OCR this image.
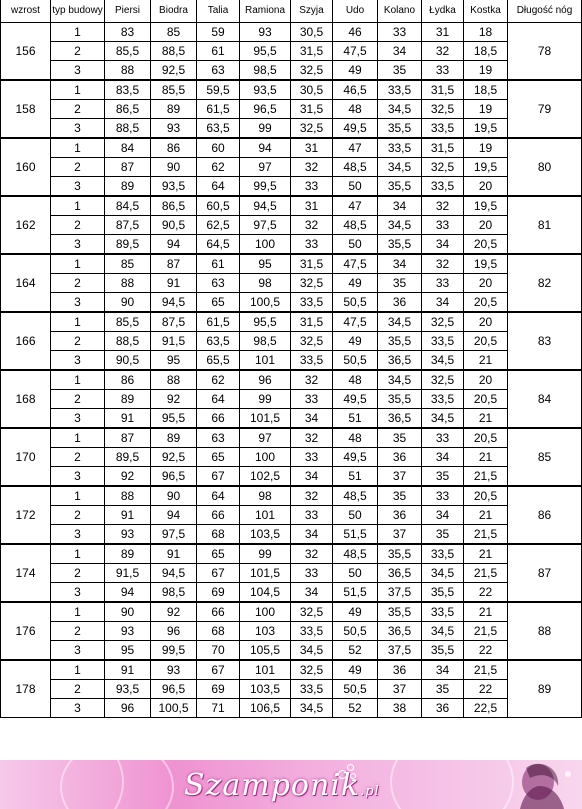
wzrost	typ budowy	Piersi	Biodra	Talia	Ramiona	Szyja	Udo	Kolano	Łydka	Kostka	Długość nóg
156	1	83	85	59	93	30,5	46	33	31	18	78
	2	85,5	88,5	61	95,5	31,5	47,5	34	32	18,5	
	3	88	92,5	63	98,5	32,5	49	35	33	19	
158	1	83,5	85,5	59,5	93,5	30,5	46,5	33,5	31,5	18,5	79
	2	86,5	89	61,5	96,5	31,5	48	34,5	32,5	19	
	3	88,5	93	63,5	99	32,5	49,5	35,5	33,5	19,5	
160	1	84	86	60	94	31	47	33,5	31,5	19	80
	2	87	90	62	97	32	48,5	34,5	32,5	19,5	
	3	89	93,5	64	99,5	33	50	35,5	33,5	20	
162	1	84,5	86,5	60,5	94,5	31	47	34	32	19,5	81
	2	87,5	90,5	62,5	97,5	32	48,5	34,5	33	20	
	3	89,5	94	64,5	100	33	50	35,5	34	20,5	
164	1	85	87	61	95	31,5	47,5	34	32	19,5	82
	2	88	91	63	98	32,5	49	35	33	20	
	3	90	94,5	65	100,5	33,5	50,5	36	34	20,5	
166	1	85,5	87,5	61,5	95,5	31,5	47,5	34,5	32,5	20	83
	2	88,5	91,5	63,5	98,5	32,5	49	35,5	33,5	20,5	
	3	90,5	95	65,5	101	33,5	50,5	36,5	34,5	21	
168	1	86	88	62	96	32	48	34,5	32,5	20	84
	2	89	92	64	99	33	49,5	35,5	33,5	20,5	
	3	91	95,5	66	101,5	34	51	36,5	34,5	21	
170	1	87	89	63	97	32	48	35	33	20,5	85
	2	89,5	92,5	65	100	33	49,5	36	34	21	
	3	92	96,5	67	102,5	34	51	37	35	21,5	
172	1	88	90	64	98	32	48,5	35	33	20,5	86
	2	91	94	66	101	33	50	36	34	21	
	3	93	97,5	68	103,5	34	51,5	37	35	21,5	
174	1	89	91	65	99	32	48,5	35,5	33,5	21	87
	2	91,5	94,5	67	101,5	33	50	36,5	34,5	21,5	
	3	94	98,5	69	104,5	34	51,5	37,5	35,5	22	
176	1	90	92	66	100	32,5	49	35,5	33,5	21	88
	2	93	96	68	103	33,5	50,5	36,5	34,5	21,5	
	3	95	99,5	70	105,5	34,5	52	37,5	35,5	22	
178	1	91	93	67	101	32,5	49	36	34	21,5	89
	2	93,5	96,5	69	103,5	33,5	50,5	37	35	22	
	3	96	100,5	71	106,5	34,5	52	38	36	22,5	
Szamponik.pl
